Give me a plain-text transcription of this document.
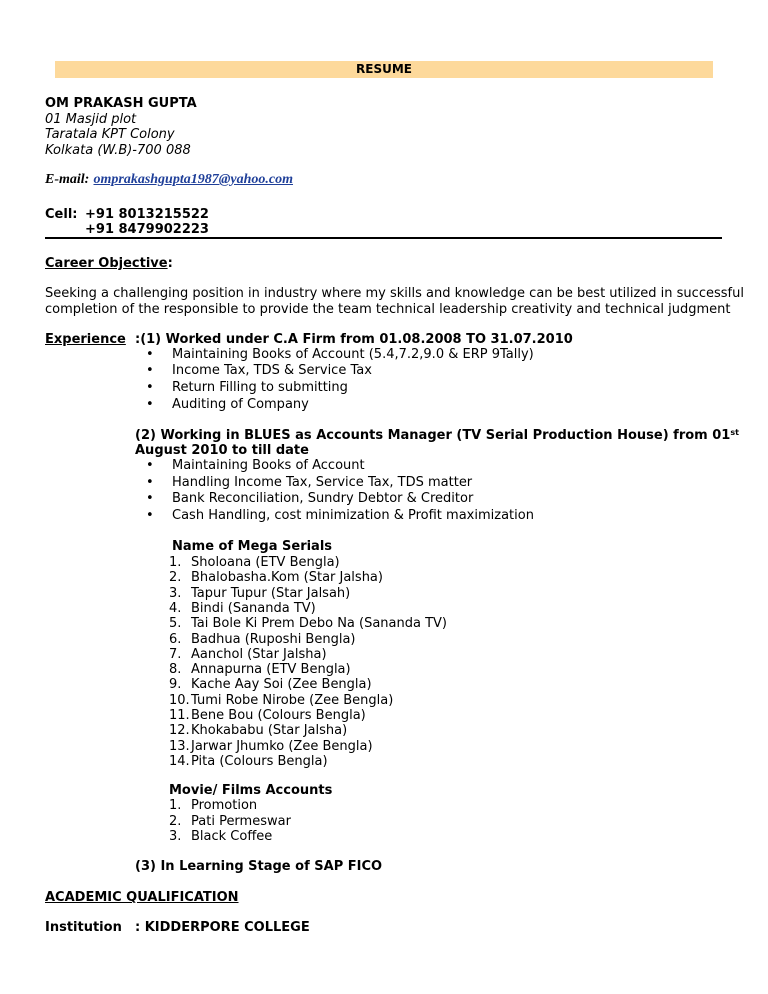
RESUME
OM PRAKASH GUPTA
01 Masjid plot
Taratala KPT Colony
Kolkata (W.B)-700 088
E-mail: omprakashgupta1987@yahoo.com
Cell: +91 8013215522
+91 8479902223
Career Objective:
Seeking a challenging position in industry where my skills and knowledge can be best utilized in successful
completion of the responsible to provide the team technical leadership creativity and technical judgment
Experience :(1) Worked under C.A Firm from 01.08.2008 TO 31.07.2010
• Maintaining Books of Account (5.4,7.2,9.0 & ERP 9Tally)
• Income Tax, TDS & Service Tax
• Return Filling to submitting
• Auditing of Company
(2) Working in BLUES as Accounts Manager (TV Serial Production House) from 01st
August 2010 to till date
• Maintaining Books of Account
• Handling Income Tax, Service Tax, TDS matter
• Bank Reconciliation, Sundry Debtor & Creditor
• Cash Handling, cost minimization & Profit maximization
Name of Mega Serials
1. Sholoana (ETV Bengla)
2. Bhalobasha.Kom (Star Jalsha)
3. Tapur Tupur (Star Jalsah)
4. Bindi (Sananda TV)
5. Tai Bole Ki Prem Debo Na (Sananda TV)
6. Badhua (Ruposhi Bengla)
7. Aanchol (Star Jalsha)
8. Annapurna (ETV Bengla)
9. Kache Aay Soi (Zee Bengla)
10. Tumi Robe Nirobe (Zee Bengla)
11. Bene Bou (Colours Bengla)
12. Khokababu (Star Jalsha)
13. Jarwar Jhumko (Zee Bengla)
14. Pita (Colours Bengla)
Movie/ Films Accounts
1. Promotion
2. Pati Permeswar
3. Black Coffee
(3) In Learning Stage of SAP FICO
ACADEMIC QUALIFICATION
Institution : KIDDERPORE COLLEGE
